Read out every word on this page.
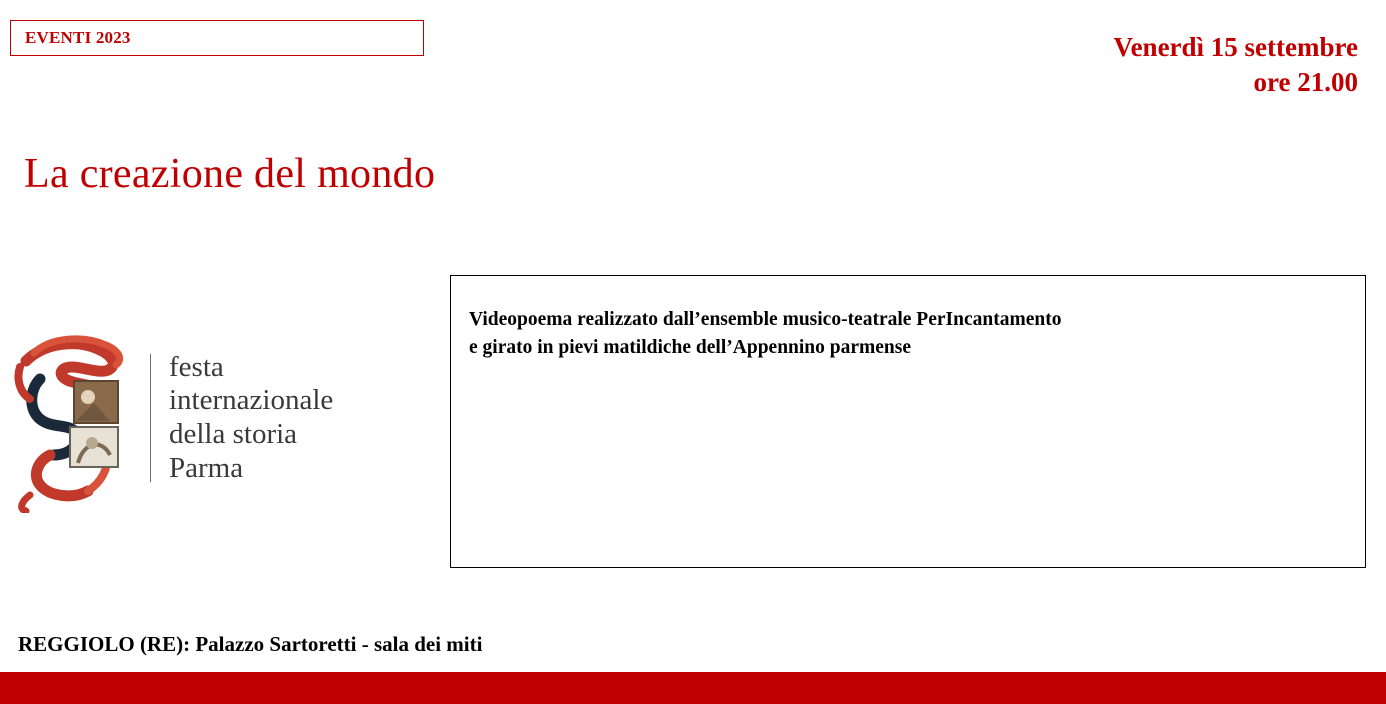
EVENTI 2023	Venerdì 15 settembre
ore 21.00
La creazione del mondo
festa
internazionale
della storia
Parma
Videopoema realizzato dall’ensemble musico-teatrale PerIncantamento
e girato in pievi matildiche dell’Appennino parmense
REGGIOLO (RE): Palazzo Sartoretti - sala dei miti
